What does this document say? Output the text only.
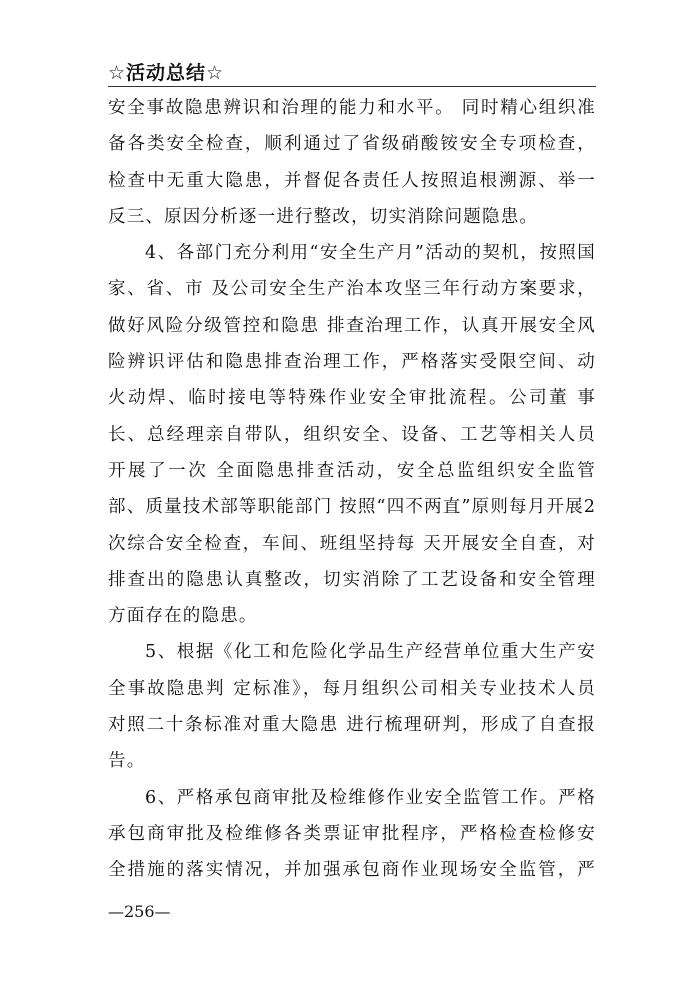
☆活动总结☆
安全事故隐患辨识和治理的能力和水平。 同时精心组织准
备各类安全检查，顺利通过了省级硝酸铵安全专项检查，
检查中无重大隐患，并督促各责任人按照追根溯源、举一
反三、原因分析逐一进行整改，切实消除问题隐患。
4、各部门充分利用“安全生产月”活动的契机，按照国
家、省、市 及公司安全生产治本攻坚三年行动方案要求，
做好风险分级管控和隐患 排查治理工作，认真开展安全风
险辨识评估和隐患排查治理工作，严格落实受限空间、动
火动焊、临时接电等特殊作业安全审批流程。公司董 事
长、总经理亲自带队，组织安全、设备、工艺等相关人员
开展了一次 全面隐患排查活动，安全总监组织安全监管
部、质量技术部等职能部门 按照“四不两直”原则每月开展2
次综合安全检查，车间、班组坚持每 天开展安全自查，对
排查出的隐患认真整改，切实消除了工艺设备和安全管理
方面存在的隐患。
5、根据《化工和危险化学品生产经营单位重大生产安
全事故隐患判 定标准》，每月组织公司相关专业技术人员
对照二十条标准对重大隐患 进行梳理研判，形成了自查报
告。
6、严格承包商审批及检维修作业安全监管工作。严格
承包商审批及检维修各类票证审批程序，严格检查检修安
全措施的落实情况，并加强承包商作业现场安全监管，严
—256—
